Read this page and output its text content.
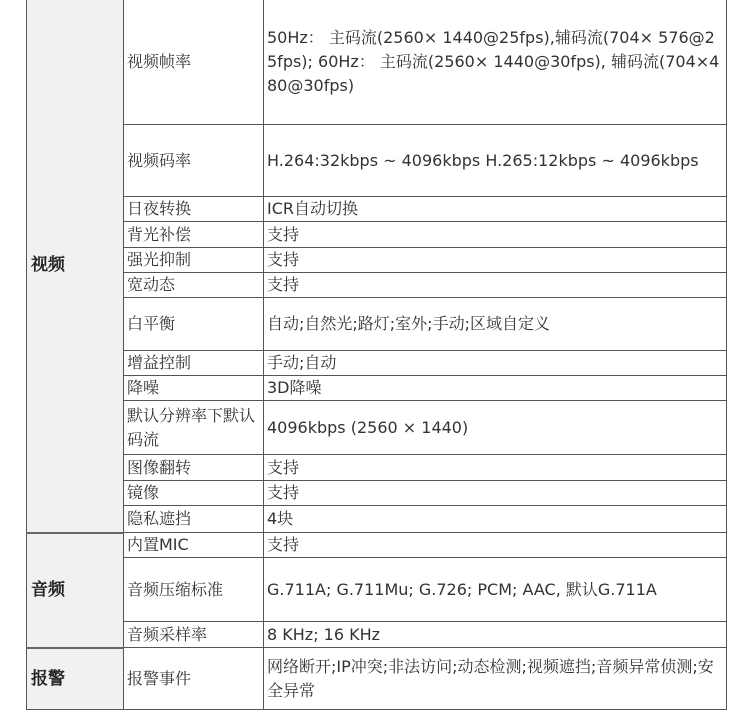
视频	视频帧率	50Hz： 主码流(2560× 1440@25fps),辅码流(704× 576@25fps); 60Hz： 主码流(2560× 1440@30fps), 辅码流(704×480@30fps)
	视频码率	H.264:32kbps ~ 4096kbps H.265:12kbps ~ 4096kbps
	日夜转换	ICR自动切换
	背光补偿	支持
	强光抑制	支持
	宽动态	支持
	白平衡	自动;自然光;路灯;室外;手动;区域自定义
	增益控制	手动;自动
	降噪	3D降噪
	默认分辨率下默认码流	4096kbps (2560 × 1440)
	图像翻转	支持
	镜像	支持
	隐私遮挡	4块
音频	内置MIC	支持
	音频压缩标准	G.711A; G.711Mu; G.726; PCM; AAC, 默认G.711A
	音频采样率	8 KHz; 16 KHz
报警	报警事件	网络断开;IP冲突;非法访问;动态检测;视频遮挡;音频异常侦测;安全异常
